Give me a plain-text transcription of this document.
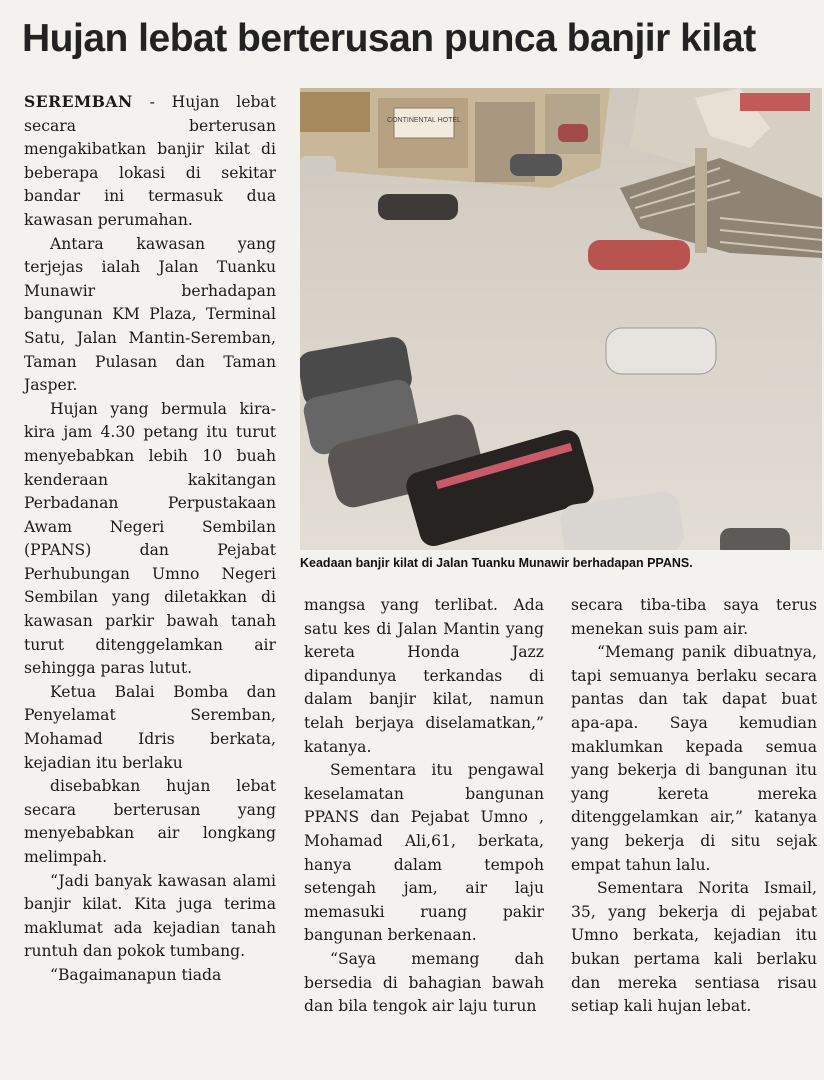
Hujan lebat berterusan punca banjir kilat

SEREMBAN - Hujan lebat secara berterusan mengakibatkan banjir kilat di beberapa lokasi di sekitar bandar ini termasuk dua kawasan perumahan.

Antara kawasan yang terjejas ialah Jalan Tuanku Munawir berhadapan bangunan KM Plaza, Terminal Satu, Jalan Mantin-Seremban, Taman Pulasan dan Taman Jasper.

Hujan yang bermula kira-kira jam 4.30 petang itu turut menyebabkan lebih 10 buah kenderaan kakitangan Perbadanan Perpustakaan Awam Negeri Sembilan (PPANS) dan Pejabat Perhubungan Umno Negeri Sembilan yang diletakkan di kawasan parkir bawah tanah turut ditenggelamkan air sehingga paras lutut.

Ketua Balai Bomba dan Penyelamat Seremban, Mohamad Idris berkata, kejadian itu berlaku

disebabkan hujan lebat secara berterusan yang menyebabkan air longkang melimpah.

“Jadi banyak kawasan alami banjir kilat. Kita juga terima maklumat ada kejadian tanah runtuh dan pokok tumbang.

“Bagaimanapun tiada

CONTINENTAL HOTEL
Keadaan banjir kilat di Jalan Tuanku Munawir berhadapan PPANS.

mangsa yang terlibat. Ada satu kes di Jalan Mantin yang kereta Honda Jazz dipandunya terkandas di dalam banjir kilat, namun telah berjaya diselamatkan,” katanya.

Sementara itu pengawal keselamatan bangunan PPANS dan Pejabat Umno , Mohamad Ali,61, berkata, hanya dalam tempoh setengah jam, air laju memasuki ruang pakir bangunan berkenaan.

“Saya memang dah bersedia di bahagian bawah dan bila tengok air laju turun

secara tiba-tiba saya terus menekan suis pam air.

“Memang panik dibuatnya, tapi semuanya berlaku secara pantas dan tak dapat buat apa-apa. Saya kemudian maklumkan kepada semua yang bekerja di bangunan itu yang kereta mereka ditenggelamkan air,” katanya yang bekerja di situ sejak empat tahun lalu.

Sementara Norita Ismail, 35, yang bekerja di pejabat Umno berkata, kejadian itu bukan pertama kali berlaku dan mereka sentiasa risau setiap kali hujan lebat.
